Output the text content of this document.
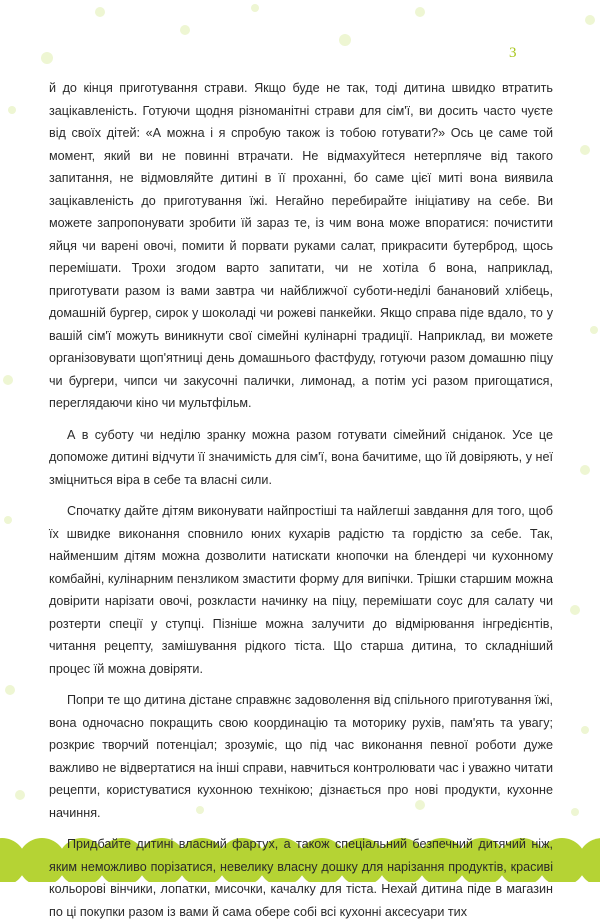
3

й до кінця приготування страви. Якщо буде не так, тоді дитина швидко втратить зацікавленість. Готуючи щодня різноманітні страви для сім'ї, ви досить часто чуєте від своїх дітей: «А можна і я спробую також із тобою готувати?» Ось це саме той момент, який ви не повинні втрачати. Не відмахуйтеся нетерпляче від такого запитання, не відмовляйте дитині в її проханні, бо саме цієї миті вона виявила зацікавленість до приготування їжі. Негайно перебирайте ініціативу на себе. Ви можете запропонувати зробити їй зараз те, із чим вона може впоратися: почистити яйця чи варені овочі, помити й порвати руками салат, прикрасити бутерброд, щось перемішати. Трохи згодом варто запитати, чи не хотіла б вона, наприклад, приготувати разом із вами завтра чи найближчої суботи-неділі банановий хлібець, домашній бургер, сирок у шоколаді чи рожеві панкейки. Якщо справа піде вдало, то у вашій сім'ї можуть виникнути свої сімейні кулінарні традиції. Наприклад, ви можете організовувати щоп'ятниці день домашнього фастфуду, готуючи разом домашню піцу чи бургери, чипси чи закусочні палички, лимонад, а потім усі разом пригощатися, переглядаючи кіно чи мультфільм.

А в суботу чи неділю зранку можна разом готувати сімейний сніданок. Усе це допоможе дитині відчути її значимість для сім'ї, вона бачитиме, що їй довіряють, у неї зміцниться віра в себе та власні сили.

Спочатку дайте дітям виконувати найпростіші та найлегші завдання для того, щоб їх швидке виконання сповнило юних кухарів радістю та гордістю за себе. Так, найменшим дітям можна дозволити натискати кнопочки на блендері чи кухонному комбайні, кулінарним пензликом змастити форму для випічки. Трішки старшим можна довірити нарізати овочі, розкласти начинку на піцу, перемішати соус для салату чи розтерти спеції у ступці. Пізніше можна залучити до відмірювання інгредієнтів, читання рецепту, замішування рідкого тіста. Що старша дитина, то складніший процес їй можна довіряти.

Попри те що дитина дістане справжнє задоволення від спільного приготування їжі, вона одночасно покращить свою координацію та моторику рухів, пам'ять та увагу; розкриє творчий потенціал; зрозуміє, що під час виконання певної роботи дуже важливо не відвертатися на інші справи, навчиться контролювати час і уважно читати рецепти, користуватися кухонною технікою; дізнається про нові продукти, кухонне начиння.

Придбайте дитині власний фартух, а також спеціальний безпечний дитячий ніж, яким неможливо порізатися, невелику власну дошку для нарізання продуктів, красиві кольорові вінчики, лопатки, мисочки, качалку для тіста. Нехай дитина піде в магазин по ці покупки разом із вами й сама обере собі всі кухонні аксесуари тих
